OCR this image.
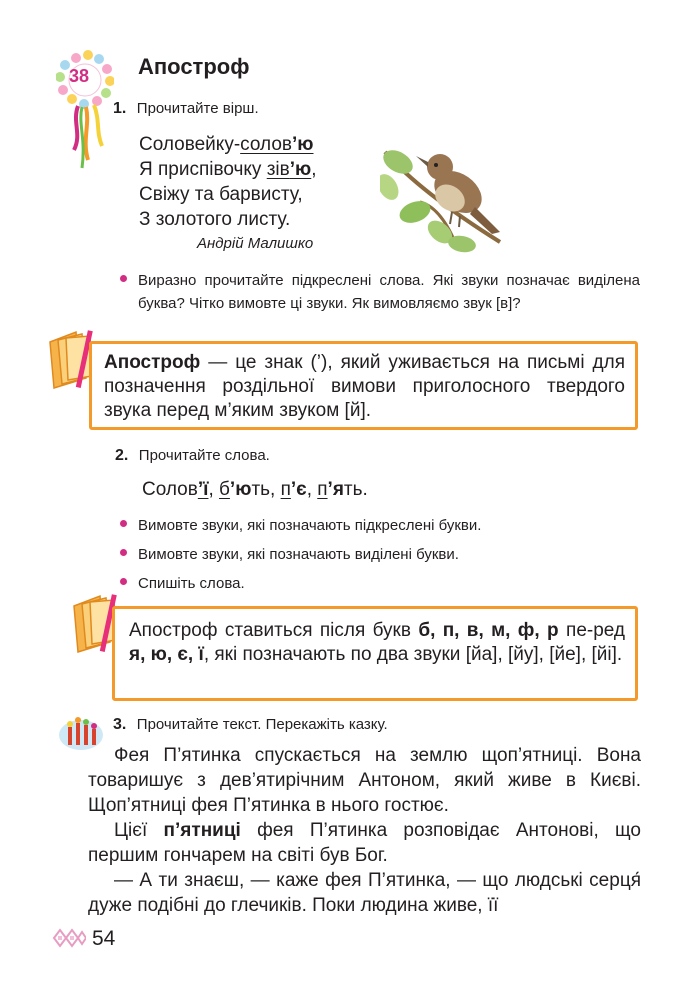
38 Апостроф
1. Прочитайте вірш.
Соловейку-солов’ю
Я приспівочку зів’ю,
Свіжу та барвисту,
З золотого листу.
Андрій Малишко
Виразно прочитайте підкреслені слова. Які звуки позначає виділена буква? Чітко вимовте ці звуки. Як вимовляємо звук [в]?
Апостроф — це знак (’), який уживається на письмі для позначення роздільної вимови приголосного твердого звука перед м’яким звуком [й].
2. Прочитайте слова.
Солов’ї, б’ють, п’є, п’ять.
Вимовте звуки, які позначають підкреслені букви.
Вимовте звуки, які позначають виділені букви.
Спишіть слова.
Апостроф ставиться після букв б, п, в, м, ф, р пе-ред я, ю, є, ї, які позначають по два звуки [йа], [йу], [йе], [йі].
3. Прочитайте текст. Перекажіть казку.
Фея П’ятинка спускається на землю щоп’ятниці. Вона товаришує з дев’ятирічним Антоном, який живе в Києві. Щоп’ятниці фея П’ятинка в нього гостює.
Цієї п’ятниці фея П’ятинка розповідає Антонові, що першим гончарем на світі був Бог.
— А ти знаєш, — каже фея П’ятинка, — що людські серця́ дуже подібні до глечиків. Поки людина живе, її
54
